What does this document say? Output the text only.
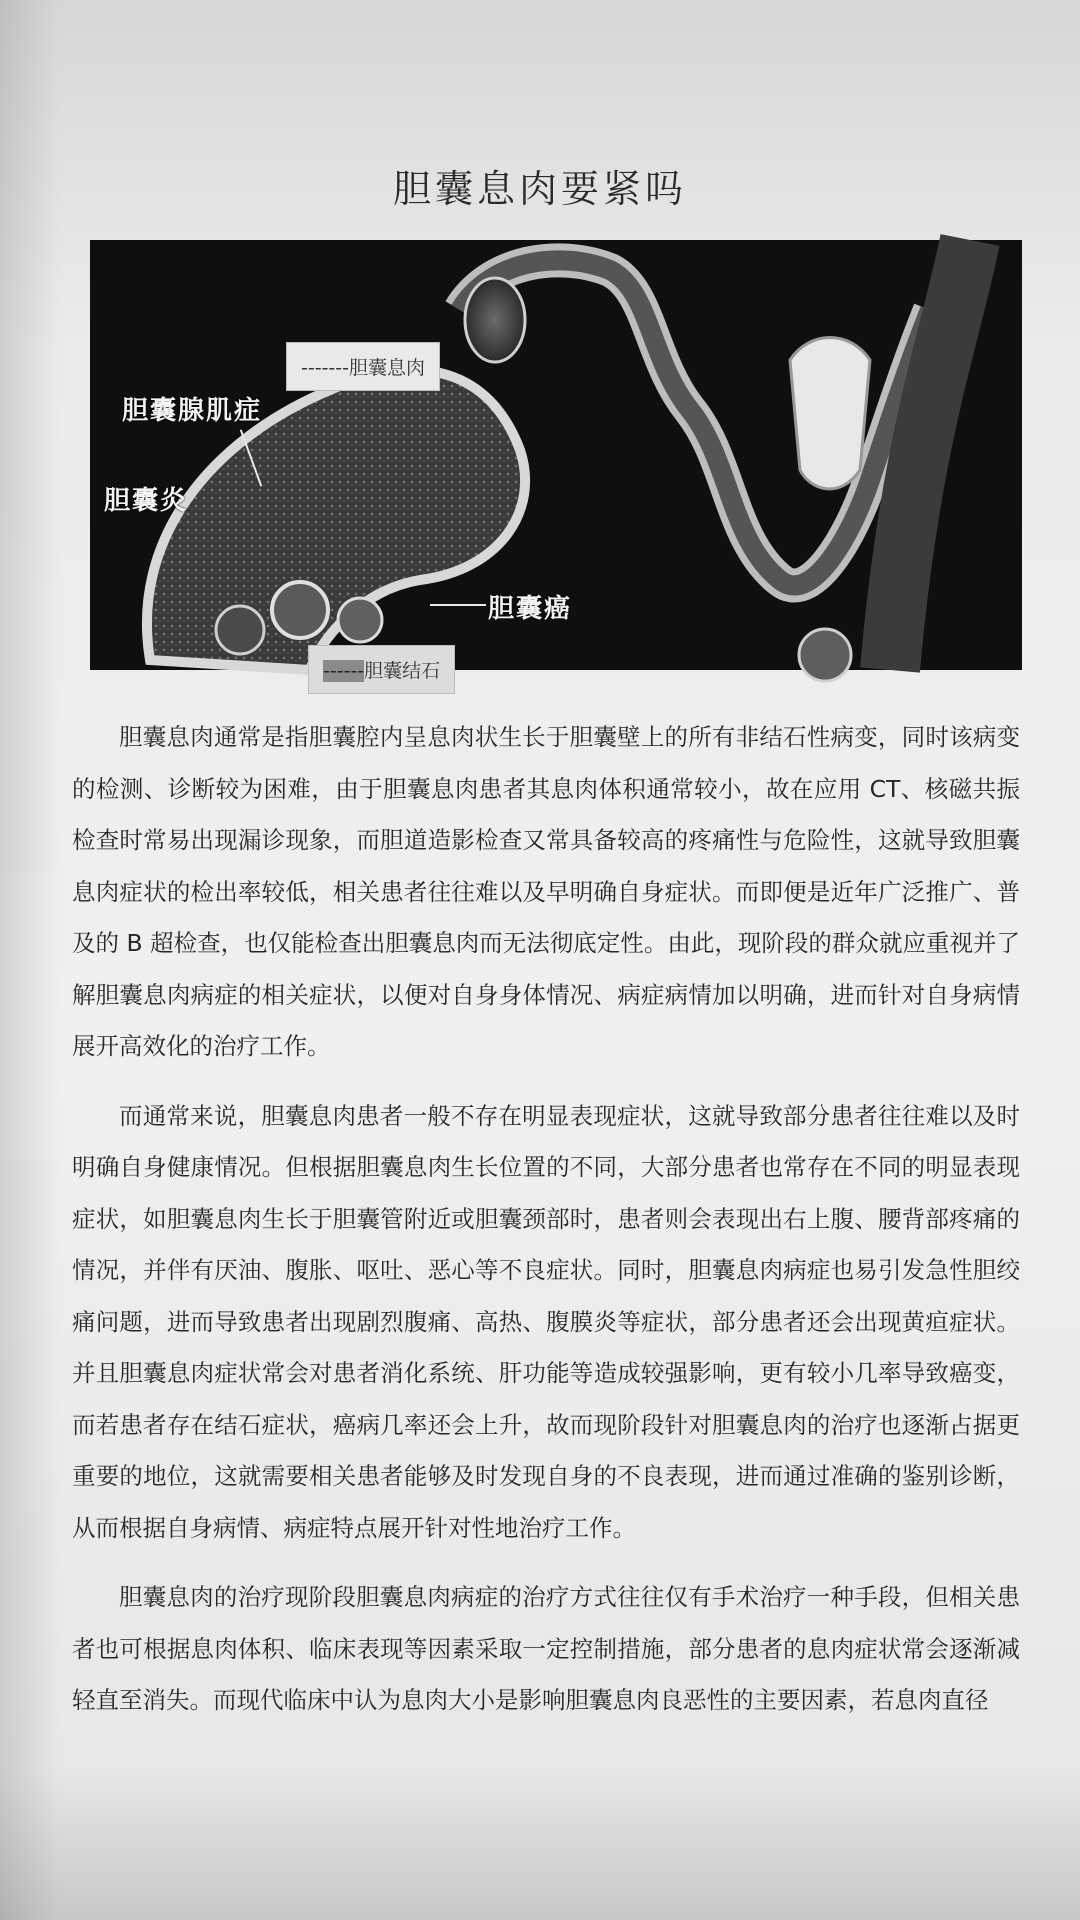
胆囊息肉要紧吗
胆囊腺肌症
胆囊炎
-------胆囊息肉
胆囊癌
------胆囊结石

胆囊息肉通常是指胆囊腔内呈息肉状生长于胆囊壁上的所有非结石性病变，同时该病变的检测、诊断较为困难，由于胆囊息肉患者其息肉体积通常较小，故在应用 CT、核磁共振检查时常易出现漏诊现象，而胆道造影检查又常具备较高的疼痛性与危险性，这就导致胆囊息肉症状的检出率较低，相关患者往往难以及早明确自身症状。而即便是近年广泛推广、普及的 B 超检查，也仅能检查出胆囊息肉而无法彻底定性。由此，现阶段的群众就应重视并了解胆囊息肉病症的相关症状，以便对自身身体情况、病症病情加以明确，进而针对自身病情展开高效化的治疗工作。

而通常来说，胆囊息肉患者一般不存在明显表现症状，这就导致部分患者往往难以及时明确自身健康情况。但根据胆囊息肉生长位置的不同，大部分患者也常存在不同的明显表现症状，如胆囊息肉生长于胆囊管附近或胆囊颈部时，患者则会表现出右上腹、腰背部疼痛的情况，并伴有厌油、腹胀、呕吐、恶心等不良症状。同时，胆囊息肉病症也易引发急性胆绞痛问题，进而导致患者出现剧烈腹痛、高热、腹膜炎等症状，部分患者还会出现黄疸症状。并且胆囊息肉症状常会对患者消化系统、肝功能等造成较强影响，更有较小几率导致癌变，而若患者存在结石症状，癌病几率还会上升，故而现阶段针对胆囊息肉的治疗也逐渐占据更重要的地位，这就需要相关患者能够及时发现自身的不良表现，进而通过准确的鉴别诊断，从而根据自身病情、病症特点展开针对性地治疗工作。

胆囊息肉的治疗现阶段胆囊息肉病症的治疗方式往往仅有手术治疗一种手段，但相关患者也可根据息肉体积、临床表现等因素采取一定控制措施，部分患者的息肉症状常会逐渐减轻直至消失。而现代临床中认为息肉大小是影响胆囊息肉良恶性的主要因素，若息肉直径
